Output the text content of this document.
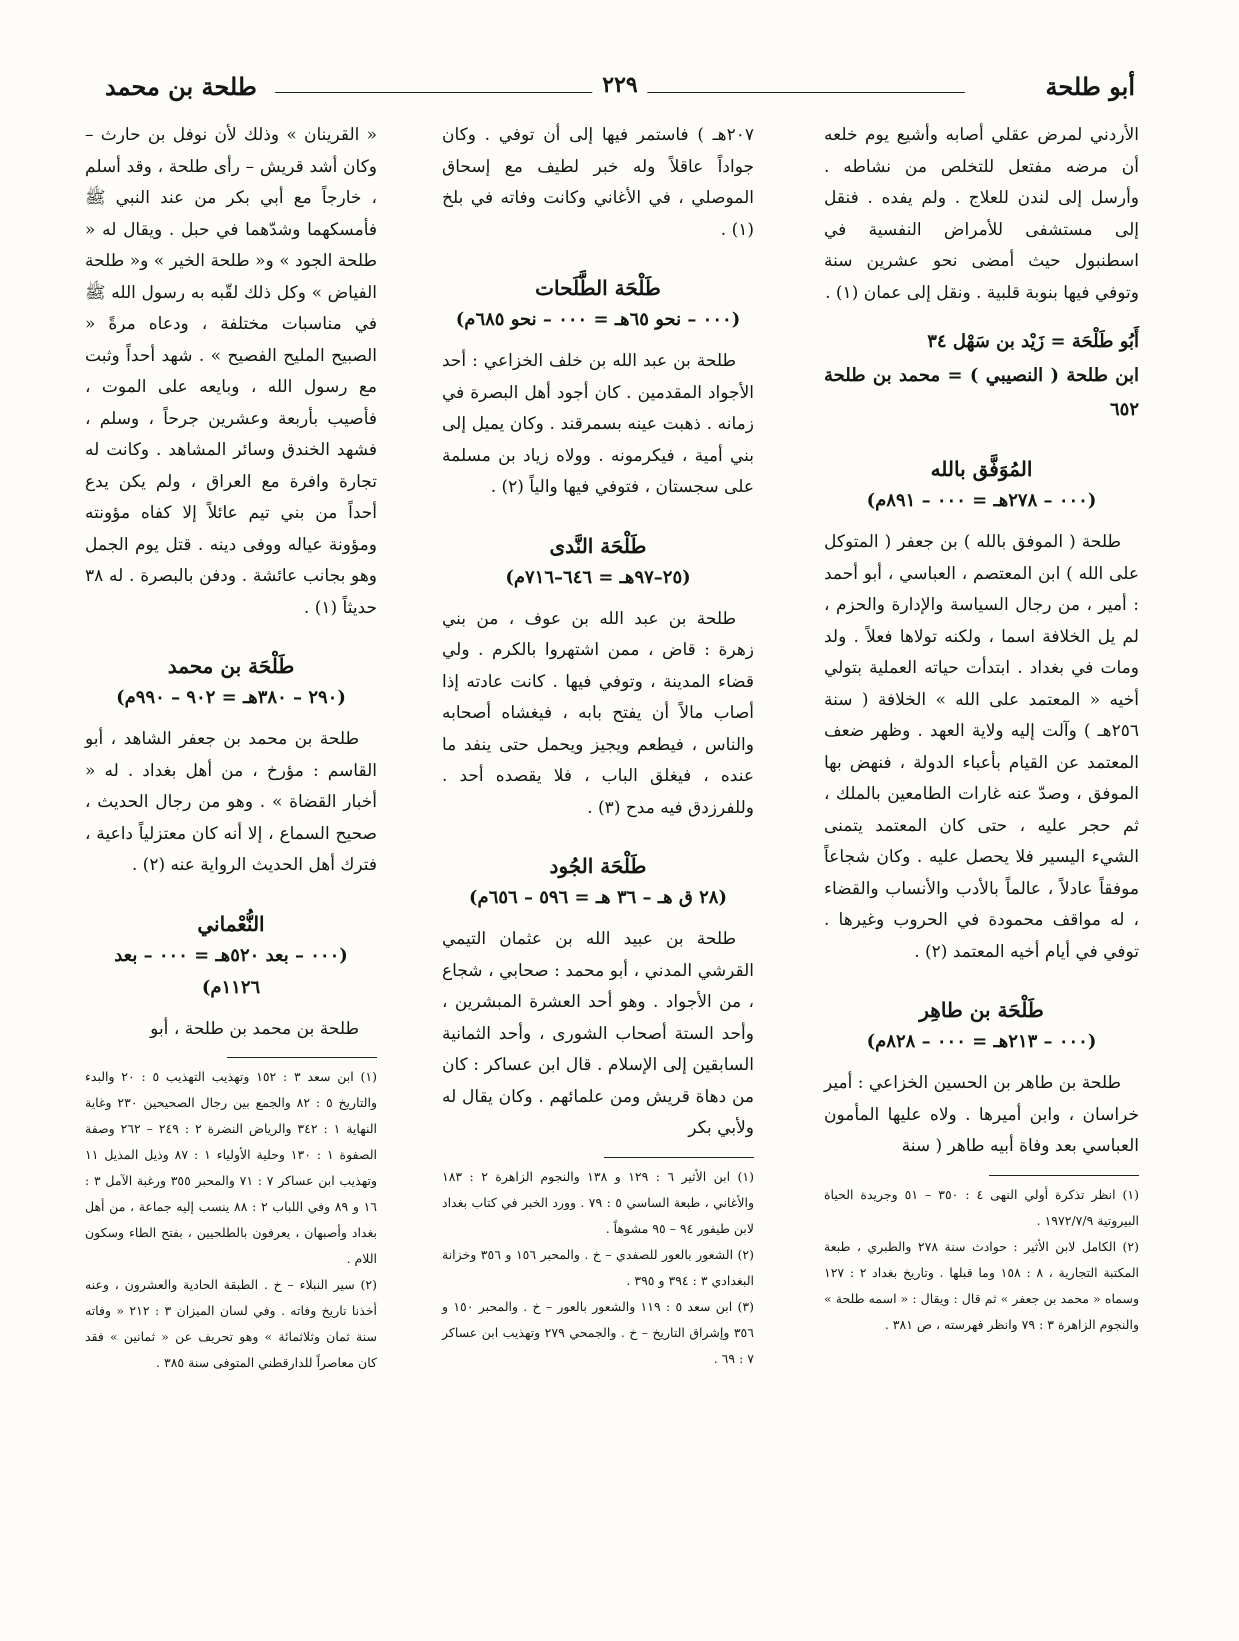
أبو طلحة
٢٢٩
طلحة بن محمد

الأردني لمرض عقلي أصابه وأشيع يوم خلعه أن مرضه مفتعل للتخلص من نشاطه . وأرسل إلى لندن للعلاج . ولم يفده . فنقل إلى مستشفى للأمراض النفسية في اسطنبول حيث أمضى نحو عشرين سنة وتوفي فيها بنوبة قلبية . ونقل إلى عمان (١) .

أَبُو طَلْحَة = زَيْد بن سَهْل ٣٤
ابن طلحة ( النصيبي ) = محمد بن طلحة ٦٥٢
المُوَفَّق بالله
(٠٠٠ – ٢٧٨هـ = ٠٠٠ – ٨٩١م)

طلحة ( الموفق بالله ) بن جعفر ( المتوكل على الله ) ابن المعتصم ، العباسي ، أبو أحمد : أمير ، من رجال السياسة والإدارة والحزم ، لم يل الخلافة اسما ، ولكنه تولاها فعلاً . ولد ومات في بغداد . ابتدأت حياته العملية بتولي أخيه « المعتمد على الله » الخلافة ( سنة ٢٥٦هـ ) وآلت إليه ولاية العهد . وظهر ضعف المعتمد عن القيام بأعباء الدولة ، فنهض بها الموفق ، وصدّ عنه غارات الطامعين بالملك ، ثم حجر عليه ، حتى كان المعتمد يتمنى الشيء اليسير فلا يحصل عليه . وكان شجاعاً موفقاً عادلاً ، عالماً بالأدب والأنساب والقضاء ، له مواقف محمودة في الحروب وغيرها . توفي في أيام أخيه المعتمد (٢) .

طَلْحَة بن طاهِر
(٠٠٠ – ٢١٣هـ = ٠٠٠ – ٨٢٨م)

طلحة بن طاهر بن الحسين الخزاعي : أمير خراسان ، وابن أميرها . ولاه عليها المأمون العباسي بعد وفاة أبيه طاهر ( سنة

(١) انظر تذكرة أولي النهى ٤ : ٣٥٠ – ٥١ وجريدة الحياة البيروتية ١٩٧٢/٧/٩ .

(٢) الكامل لابن الأثير : حوادث سنة ٢٧٨ والطبري ، طبعة المكتبة التجارية ، ٨ : ١٥٨ وما قبلها . وتاريخ بغداد ٢ : ١٢٧ وسماه « محمد بن جعفر » ثم قال : ويقال : « اسمه طلحة » والنجوم الزاهرة ٣ : ٧٩ وانظر فهرسته ، ص ٣٨١ .

٢٠٧هـ ) فاستمر فيها إلى أن توفي . وكان جواداً عاقلاً وله خبر لطيف مع إسحاق الموصلي ، في الأغاني وكانت وفاته في بلخ (١) .

طَلْحَة الطَّلَحات
(٠٠٠ – نحو ٦٥هـ = ٠٠٠ – نحو ٦٨٥م)

طلحة بن عبد الله بن خلف الخزاعي : أحد الأجواد المقدمين . كان أجود أهل البصرة في زمانه . ذهبت عينه بسمرقند . وكان يميل إلى بني أمية ، فيكرمونه . وولاه زياد بن مسلمة على سجستان ، فتوفي فيها والياً (٢) .

طَلْحَة النَّدى
(٢٥–٩٧هـ = ٦٤٦–٧١٦م)

طلحة بن عبد الله بن عوف ، من بني زهرة : قاض ، ممن اشتهروا بالكرم . ولي قضاء المدينة ، وتوفي فيها . كانت عادته إذا أصاب مالاً أن يفتح بابه ، فيغشاه أصحابه والناس ، فيطعم ويجيز ويحمل حتى ينفد ما عنده ، فيغلق الباب ، فلا يقصده أحد . وللفرزدق فيه مدح (٣) .

طَلْحَة الجُود
(٢٨ ق هـ – ٣٦ هـ = ٥٩٦ – ٦٥٦م)

طلحة بن عبيد الله بن عثمان التيمي القرشي المدني ، أبو محمد : صحابي ، شجاع ، من الأجواد . وهو أحد العشرة المبشرين ، وأحد الستة أصحاب الشورى ، وأحد الثمانية السابقين إلى الإسلام . قال ابن عساكر : كان من دهاة قريش ومن علمائهم . وكان يقال له ولأبي بكر

(١) ابن الأثير ٦ : ١٢٩ و ١٣٨ والنجوم الزاهرة ٢ : ١٨٣ والأغاني ، طبعة الساسي ٥ : ٧٩ . وورد الخبر في كتاب بغداد لابن طيفور ٩٤ – ٩٥ مشوهاً .

(٢) الشعور بالعور للصفدي – خ . والمحبر ١٥٦ و ٣٥٦ وخزانة البغدادي ٣ : ٣٩٤ و ٣٩٥ .

(٣) ابن سعد ٥ : ١١٩ والشعور بالعور – خ . والمحبر ١٥٠ و ٣٥٦ وإشراق التاريخ – خ . والجمحي ٢٧٩ وتهذيب ابن عساكر ٧ : ٦٩ .

« القرينان » وذلك لأن نوفل بن حارث – وكان أشد قريش – رأى طلحة ، وقد أسلم ، خارجاً مع أبي بكر من عند النبي ﷺ فأمسكهما وشدّهما في حبل . ويقال له « طلحة الجود » و« طلحة الخير » و« طلحة الفياض » وكل ذلك لقّبه به رسول الله ﷺ في مناسبات مختلفة ، ودعاه مرةً « الصبيح المليح الفصيح » . شهد أحداً وثبت مع رسول الله ، وبايعه على الموت ، فأصيب بأربعة وعشرين جرحاً ، وسلم ، فشهد الخندق وسائر المشاهد . وكانت له تجارة وافرة مع العراق ، ولم يكن يدع أحداً من بني تيم عائلاً إلا كفاه مؤونته ومؤونة عياله ووفى دينه . قتل يوم الجمل وهو بجانب عائشة . ودفن بالبصرة . له ٣٨ حديثاً (١) .

طَلْحَة بن محمد
(٢٩٠ – ٣٨٠هـ = ٩٠٢ – ٩٩٠م)

طلحة بن محمد بن جعفر الشاهد ، أبو القاسم : مؤرخ ، من أهل بغداد . له « أخبار القضاة » . وهو من رجال الحديث ، صحيح السماع ، إلا أنه كان معتزلياً داعية ، فترك أهل الحديث الرواية عنه (٢) .

النُّعْماني
(٠٠٠ – بعد ٥٢٠هـ = ٠٠٠ – بعد ١١٢٦م)

طلحة بن محمد بن طلحة ، أبو

(١) ابن سعد ٣ : ١٥٢ وتهذيب التهذيب ٥ : ٢٠ والبدء والتاريخ ٥ : ٨٢ والجمع بين رجال الصحيحين ٢٣٠ وغاية النهاية ١ : ٣٤٢ والرياض النضرة ٢ : ٢٤٩ – ٢٦٢ وصفة الصفوة ١ : ١٣٠ وحلية الأولياء ١ : ٨٧ وذيل المذيل ١١ وتهذيب ابن عساكر ٧ : ٧١ والمحبر ٣٥٥ ورغبة الآمل ٣ : ١٦ و ٨٩ وفي اللباب ٢ : ٨٨ ينسب إليه جماعة ، من أهل بغداد وأصبهان ، يعرفون بالطلحيين ، بفتح الطاء وسكون اللام .

(٢) سير النبلاء – خ . الطبقة الحادية والعشرون ، وعنه أخذنا تاريخ وفاته . وفي لسان الميزان ٣ : ٢١٢ « وفاته سنة ثمان وثلاثمائة » وهو تحريف عن « ثمانين » فقد كان معاصراً للدارقطني المتوفى سنة ٣٨٥ .
